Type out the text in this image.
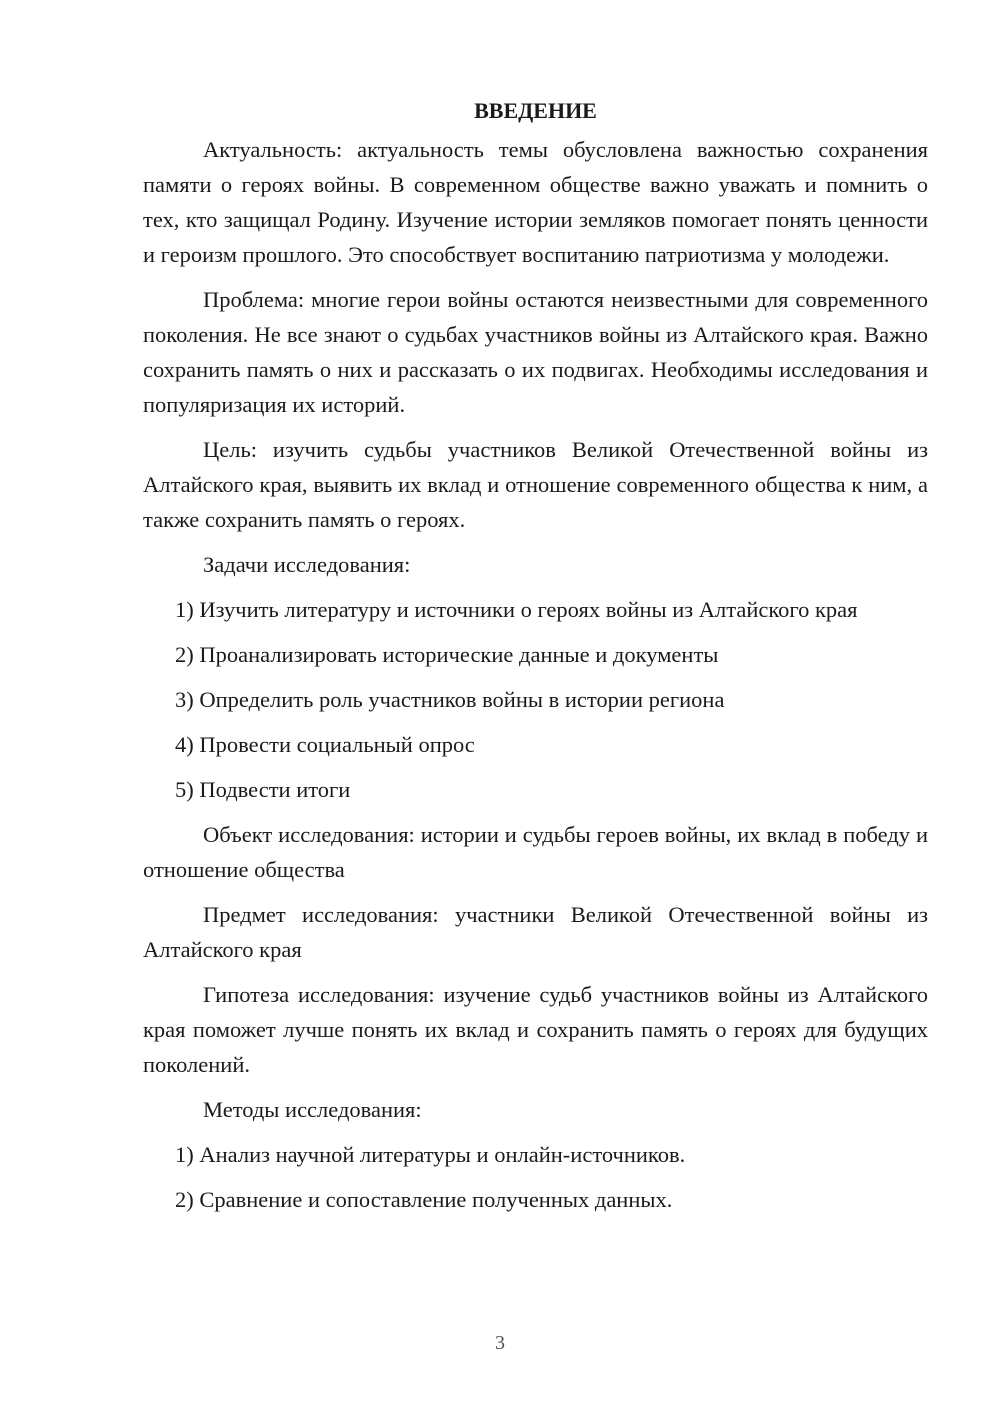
ВВЕДЕНИЕ

Актуальность: актуальность темы обусловлена важностью сохранения памяти о героях войны. В современном обществе важно уважать и помнить о тех, кто защищал Родину. Изучение истории земляков помогает понять ценности и героизм прошлого. Это способствует воспитанию патриотизма у молодежи.

Проблема: многие герои войны остаются неизвестными для современного поколения. Не все знают о судьбах участников войны из Алтайского края. Важно сохранить память о них и рассказать о их подвигах. Необходимы исследования и популяризация их историй.

Цель: изучить судьбы участников Великой Отечественной войны из Алтайского края, выявить их вклад и отношение современного общества к ним, а также сохранить память о героях.

Задачи исследования:

1) Изучить литературу и источники о героях войны из Алтайского края

2) Проанализировать исторические данные и документы

3) Определить роль участников войны в истории региона

4) Провести социальный опрос

5) Подвести итоги

Объект исследования: истории и судьбы героев войны, их вклад в победу и отношение общества

Предмет исследования: участники Великой Отечественной войны из Алтайского края

Гипотеза исследования: изучение судьб участников войны из Алтайского края поможет лучше понять их вклад и сохранить память о героях для будущих поколений.

Методы исследования:

1) Анализ научной литературы и онлайн-источников.

2) Сравнение и сопоставление полученных данных.

3
